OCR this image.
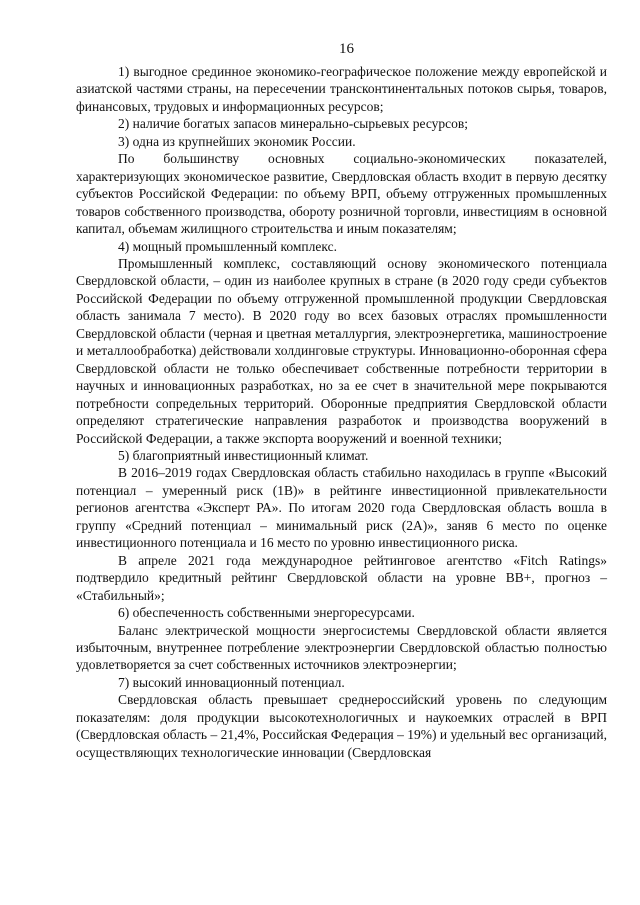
16

1) выгодное срединное экономико-географическое положение между европейской и азиатской частями страны, на пересечении трансконтинентальных потоков сырья, товаров, финансовых, трудовых и информационных ресурсов;

2) наличие богатых запасов минерально-сырьевых ресурсов;

3) одна из крупнейших экономик России.

По большинству основных социально-экономических показателей, характеризующих экономическое развитие, Свердловская область входит в первую десятку субъектов Российской Федерации: по объему ВРП, объему отгруженных промышленных товаров собственного производства, обороту розничной торговли, инвестициям в основной капитал, объемам жилищного строительства и иным показателям;

4) мощный промышленный комплекс.

Промышленный комплекс, составляющий основу экономического потенциала Свердловской области, – один из наиболее крупных в стране (в 2020 году среди субъектов Российской Федерации по объему отгруженной промышленной продукции Свердловская область занимала 7 место). В 2020 году во всех базовых отраслях промышленности Свердловской области (черная и цветная металлургия, электроэнергетика, машиностроение и металлообработка) действовали холдинговые структуры. Инновационно-оборонная сфера Свердловской области не только обеспечивает собственные потребности территории в научных и инновационных разработках, но за ее счет в значительной мере покрываются потребности сопредельных территорий. Оборонные предприятия Свердловской области определяют стратегические направления разработок и производства вооружений в Российской Федерации, а также экспорта вооружений и военной техники;

5) благоприятный инвестиционный климат.

В 2016–2019 годах Свердловская область стабильно находилась в группе «Высокий потенциал – умеренный риск (1В)» в рейтинге инвестиционной привлекательности регионов агентства «Эксперт РА». По итогам 2020 года Свердловская область вошла в группу «Средний потенциал – минимальный риск (2А)», заняв 6 место по оценке инвестиционного потенциала и 16 место по уровню инвестиционного риска.

В апреле 2021 года международное рейтинговое агентство «Fitch Ratings» подтвердило кредитный рейтинг Свердловской области на уровне ВВ+, прогноз – «Стабильный»;

6) обеспеченность собственными энергоресурсами.

Баланс электрической мощности энергосистемы Свердловской области является избыточным, внутреннее потребление электроэнергии Свердловской областью полностью удовлетворяется за счет собственных источников электроэнергии;

7) высокий инновационный потенциал.

Свердловская область превышает среднероссийский уровень по следующим показателям: доля продукции высокотехнологичных и наукоемких отраслей в ВРП (Свердловская область – 21,4%, Российская Федерация – 19%) и удельный вес организаций, осуществляющих технологические инновации (Свердловская
